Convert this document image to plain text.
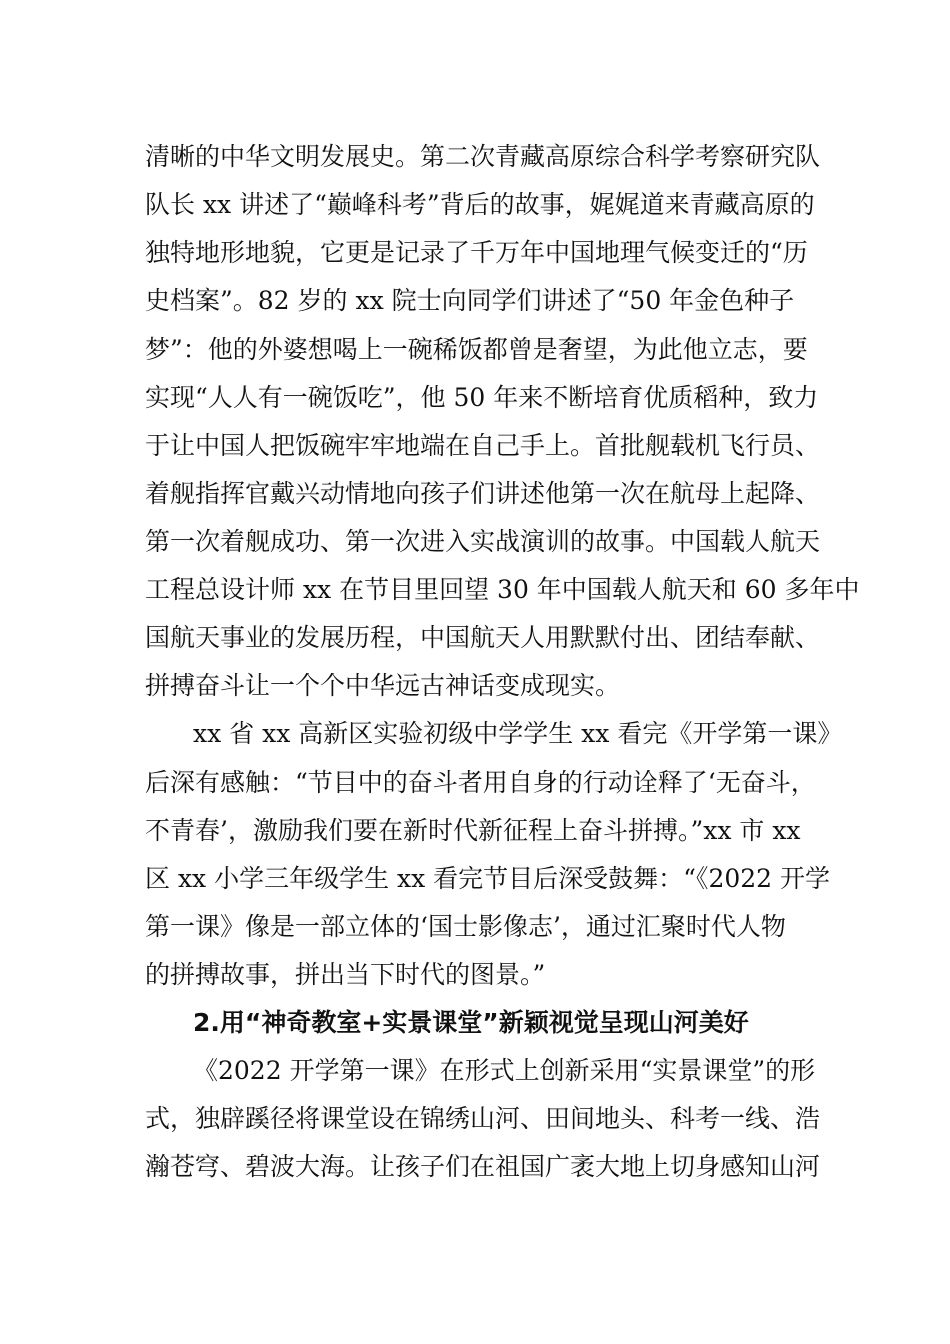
清晰的中华文明发展史。第二次青藏高原综合科学考察研究队
队长 xx 讲述了“巅峰科考”背后的故事，娓娓道来青藏高原的
独特地形地貌，它更是记录了千万年中国地理气候变迁的“历
史档案”。82 岁的 xx 院士向同学们讲述了“50 年金色种子
梦”：他的外婆想喝上一碗稀饭都曾是奢望，为此他立志，要
实现“人人有一碗饭吃”，他 50 年来不断培育优质稻种，致力
于让中国人把饭碗牢牢地端在自己手上。首批舰载机飞行员、
着舰指挥官戴兴动情地向孩子们讲述他第一次在航母上起降、
第一次着舰成功、第一次进入实战演训的故事。中国载人航天
工程总设计师 xx 在节目里回望 30 年中国载人航天和 60 多年中
国航天事业的发展历程，中国航天人用默默付出、团结奉献、
拼搏奋斗让一个个中华远古神话变成现实。
xx 省 xx 高新区实验初级中学学生 xx 看完《开学第一课》
后深有感触：“节目中的奋斗者用自身的行动诠释了‘无奋斗，
不青春’，激励我们要在新时代新征程上奋斗拼搏。”xx 市 xx
区 xx 小学三年级学生 xx 看完节目后深受鼓舞：“《2022 开学
第一课》像是一部立体的‘国士影像志’，通过汇聚时代人物
的拼搏故事，拼出当下时代的图景。”
2.用“神奇教室+实景课堂”新颖视觉呈现山河美好
《2022 开学第一课》在形式上创新采用“实景课堂”的形
式，独辟蹊径将课堂设在锦绣山河、田间地头、科考一线、浩
瀚苍穹、碧波大海。让孩子们在祖国广袤大地上切身感知山河
